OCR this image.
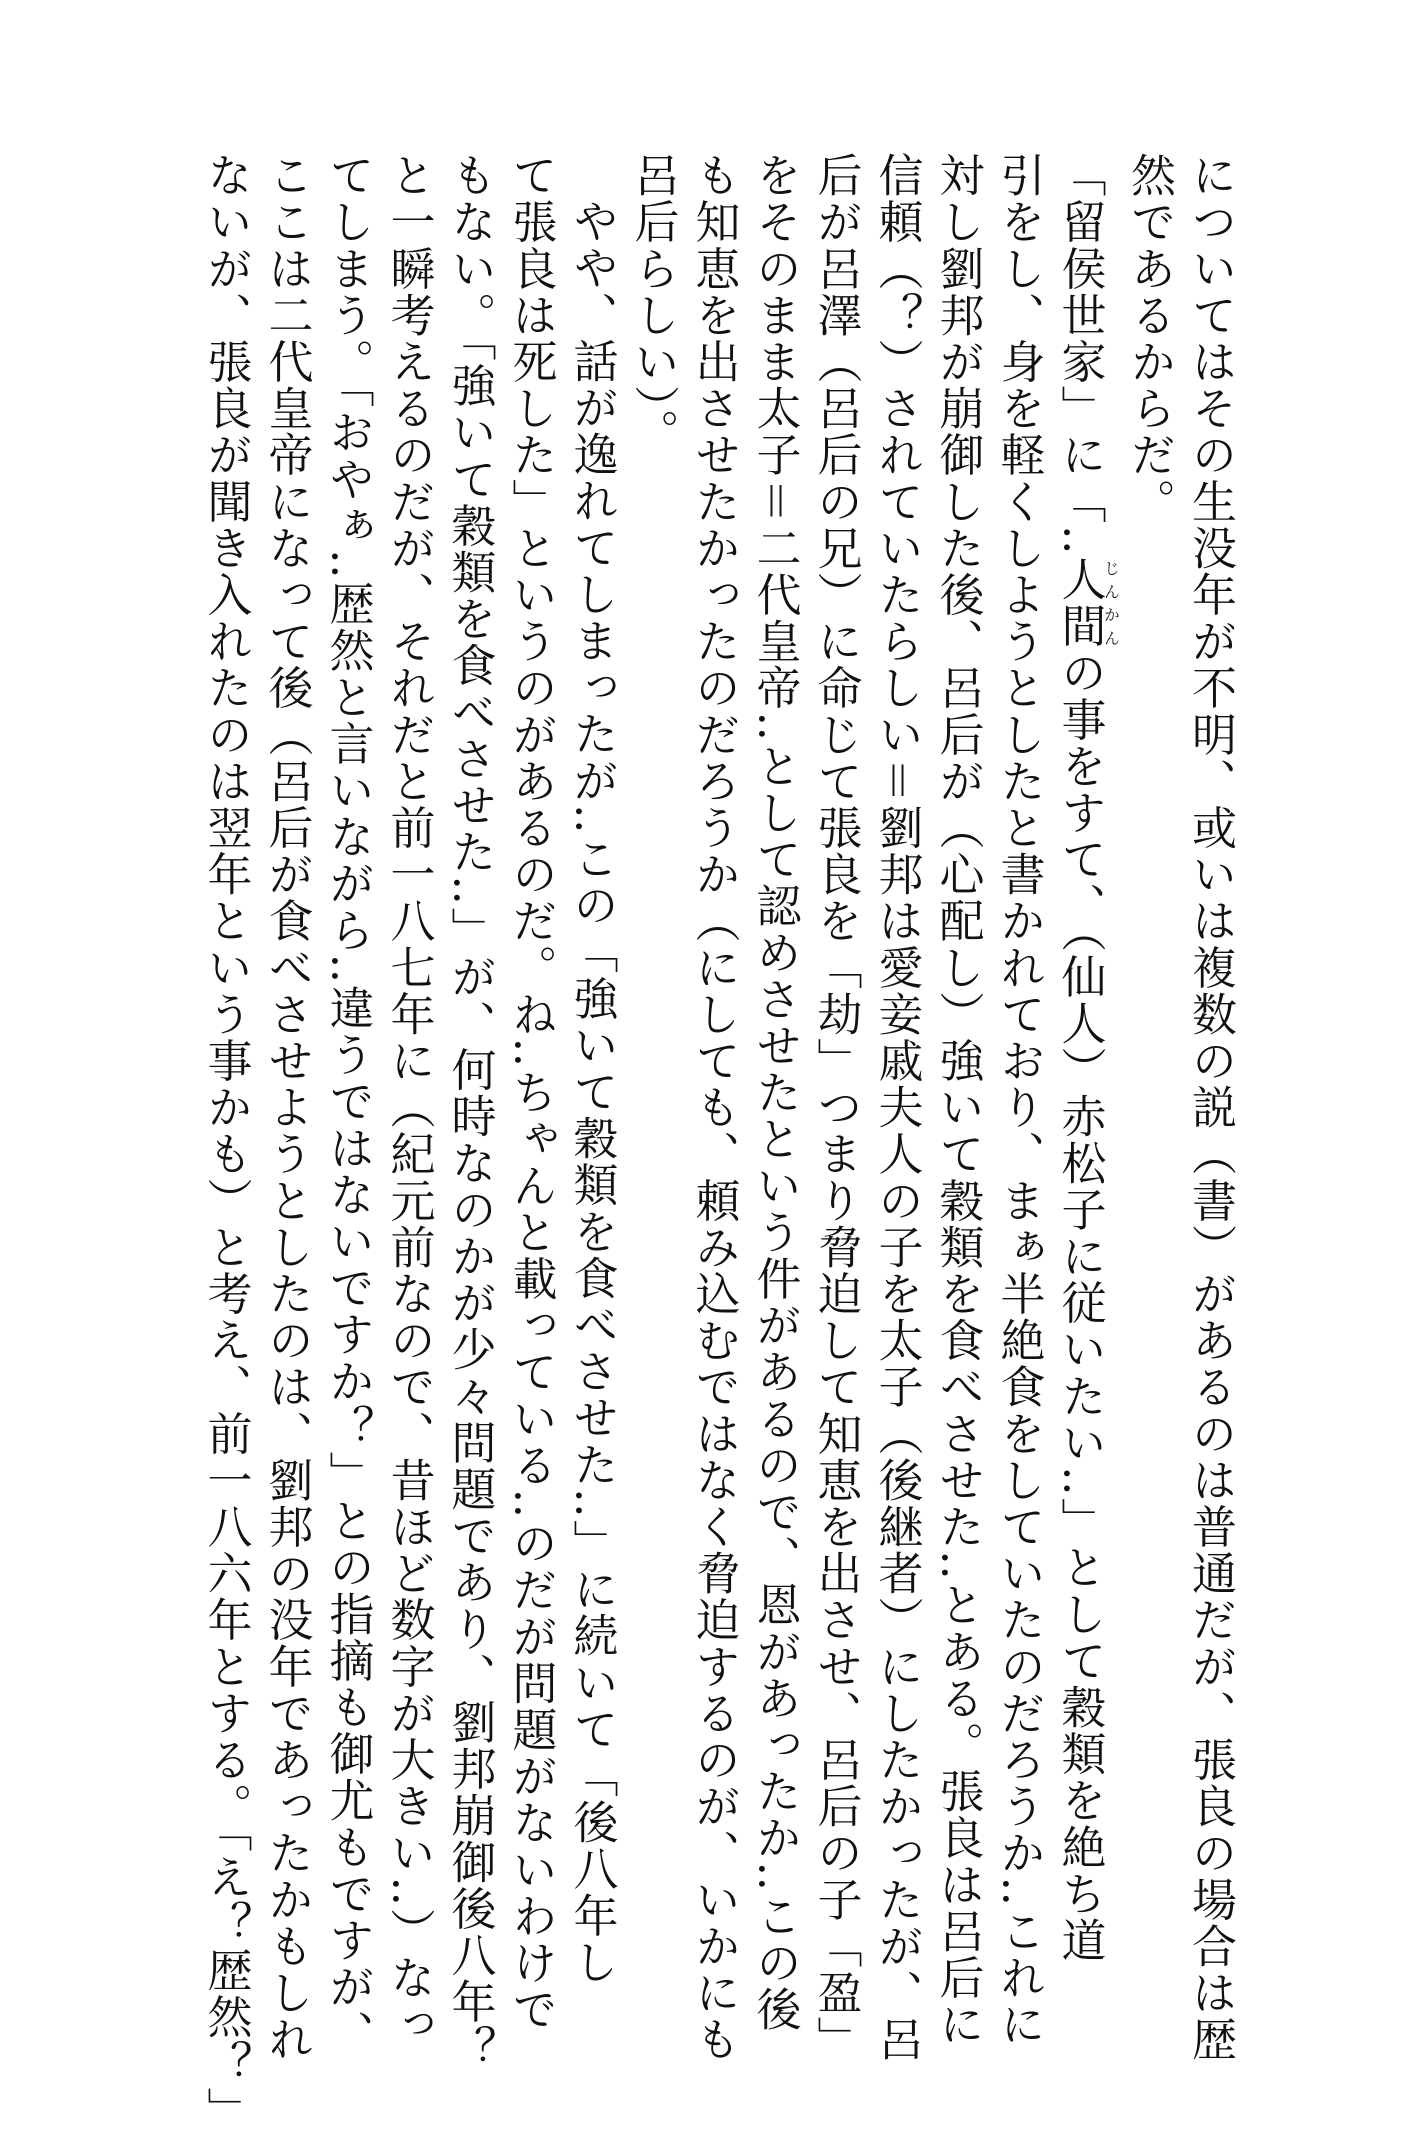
についてはその生没年が不明、或いは複数の説（書）があるのは普通だが、張良の場合は歴
然であるからだ。
「留侯世家」に「‥人間じんかんの事をすて、（仙人）赤松子に従いたい‥」として穀類を絶ち道
引をし、身を軽くしようとしたと書かれており、まぁ半絶食をしていたのだろうか‥これに
対し劉邦が崩御した後、呂后が（心配し）強いて穀類を食べさせた‥とある。張良は呂后に
信頼（？）されていたらしい＝劉邦は愛妾戚夫人の子を太子（後継者）にしたかったが、呂
后が呂澤（呂后の兄）に命じて張良を「劫」つまり脅迫して知恵を出させ、呂后の子「盈」
をそのまま太子＝二代皇帝‥として認めさせたという件があるので、恩があったか‥この後
も知恵を出させたかったのだろうか（にしても、頼み込むではなく脅迫するのが、いかにも
呂后らしい）。
やや、話が逸れてしまったが‥この「強いて穀類を食べさせた‥」に続いて「後八年し
て張良は死した」というのがあるのだ。ね‥ちゃんと載っている‥のだが問題がないわけで
もない。「強いて穀類を食べさせた‥」が、何時なのかが少々問題であり、劉邦崩御後八年？
と一瞬考えるのだが、それだと前一八七年に（紀元前なので、昔ほど数字が大きい‥）なっ
てしまう。「おやぁ‥歴然と言いながら‥違うではないですか？」との指摘も御尤もですが、
ここは二代皇帝になって後（呂后が食べさせようとしたのは、劉邦の没年であったかもしれ
ないが、張良が聞き入れたのは翌年という事かも）と考え、前一八六年とする。「え？歴然？」
